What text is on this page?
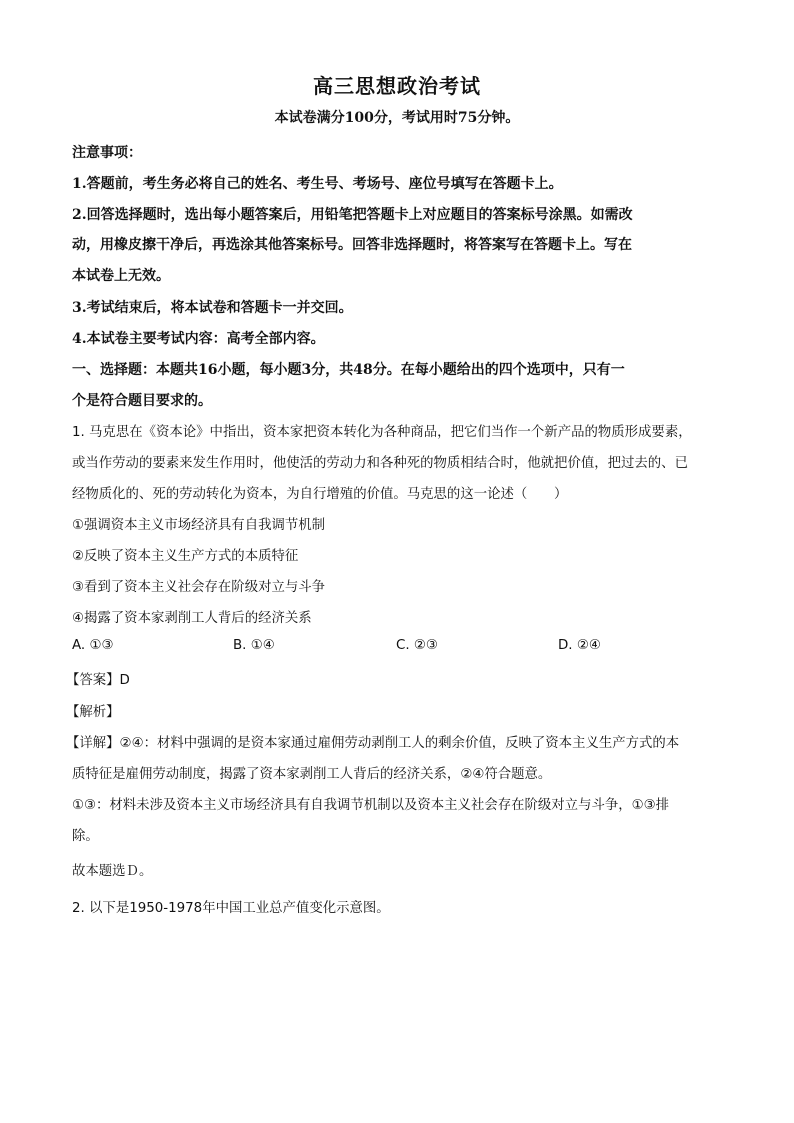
高三思想政治考试
本试卷满分100分，考试用时75分钟。
注意事项：
1.答题前，考生务必将自己的姓名、考生号、考场号、座位号填写在答题卡上。
2.回答选择题时，选出每小题答案后，用铅笔把答题卡上对应题目的答案标号涂黑。如需改
动，用橡皮擦干净后，再选涂其他答案标号。回答非选择题时，将答案写在答题卡上。写在
本试卷上无效。
3.考试结束后，将本试卷和答题卡一并交回。
4.本试卷主要考试内容：高考全部内容。
一、选择题：本题共16小题，每小题3分，共48分。在每小题给出的四个选项中，只有一
个是符合题目要求的。
1. 马克思在《资本论》中指出，资本家把资本转化为各种商品，把它们当作一个新产品的物质形成要素，
或当作劳动的要素来发生作用时，他使活的劳动力和各种死的物质相结合时，他就把价值，把过去的、已
经物质化的、死的劳动转化为资本，为自行增殖的价值。马克思的这一论述（　　）
①强调资本主义市场经济具有自我调节机制
②反映了资本主义生产方式的本质特征
③看到了资本主义社会存在阶级对立与斗争
④揭露了资本家剥削工人背后的经济关系
A. ①③	B. ①④	C. ②③	D. ②④
【答案】D
【解析】
【详解】②④：材料中强调的是资本家通过雇佣劳动剥削工人的剩余价值，反映了资本主义生产方式的本
质特征是雇佣劳动制度，揭露了资本家剥削工人背后的经济关系，②④符合题意。
①③：材料未涉及资本主义市场经济具有自我调节机制以及资本主义社会存在阶级对立与斗争，①③排
除。
故本题选Ｄ。
2. 以下是1950-1978年中国工业总产值变化示意图。
